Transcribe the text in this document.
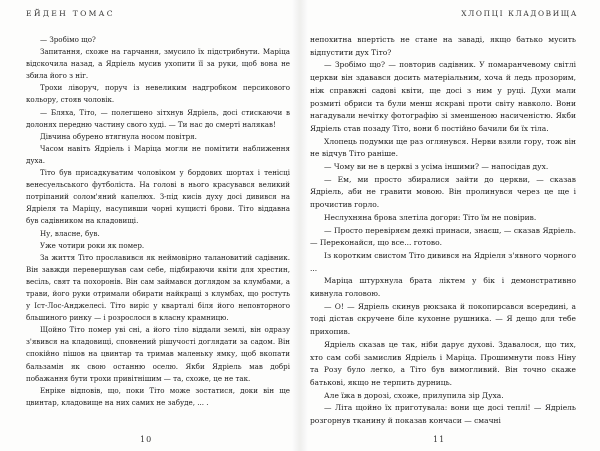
ЕЙДЕН ТОМАС

— Зробімо що?

Запитання, схоже на гарчання, змусило їх підстрибнути. Маріца відскочила назад, а Ядріель мусив ухопити її за руки, щоб вона не збила його з ніг.

Трохи ліворуч, поруч із невеликим надгробком персикового кольору, стояв чоловік.

— Бляха, Тіто, — полегшено зітхнув Ядріель, досі стискаючи в долонях передню частину свого худі. — Ти нас до смерті налякав!

Дівчина обурено втягнула носом повітря.

Часом навіть Ядріель і Маріца могли не помітити наближення духа.

Тіто був присадкуватим чоловіком у бордових шортах і тенісці венесуельського футболіста. На голові в нього красувався великий потріпаний солом'яний капелюх. З-під кисів духу досі дивився на Ядріеля та Маріцу, насупивши чорні кущисті брови. Тіто віддавна був садівником на кладовищі.

Ну, власне, був.

Уже чотири роки як помер.

За життя Тіто прославився як неймовірно талановитий садівник. Він завжди перевершував сам себе, підбираючи квіти для хрестин, весіль, свят та похоронів. Він сам займався доглядом за клумбами, а трави, його руки отримали обирати найкращі з клумбах, що ростуть у Іст-Лос-Анджелесі. Тіто виріс у кварталі біля його неповторного бльшиного ринку — і розрослося в класну крамницю.

Щойно Тіто помер уві сні, а його тіло віддали землі, він одразу з'явився на кладовищі, сповнений рішучості доглядати за садом. Він спокійно пішов на цвинтар та тримав маленьку ямку, щоб вкопати бальзамін як свою останню оселю. Якби Ядріель мав добрі побажання бути трохи привітнішим — та, схоже, це не так.

Енріке відповів, що, поки Тіто може зостатися, доки він ще цвинтар, кладовище на них самих не забуде, ... .

10
ХЛОПЦІ КЛАДОВИЩА

непохитна впертість не стане на заваді, якщо батько мусить відпустити дух Тіто?

— Зробімо що? — повторив садівник. У помаранчевому світлі церкви він здавався досить матеріальним, хоча й ледь прозорим, ніж справжні садові квіти, ще досі з ним у руці. Духи мали розмиті обриси та були менш яскраві проти світу навколо. Вони нагадували нечітку фотографію зі зменшеною насиченістю. Якби Ядріель став позаду Тіто, вони б постійно бачили би їх тіла.

Хлопець подумки ще раз оглянувся. Нерви взяли гору, тож він не відчув Тіто раніше.

— Чому ви не в церкві з усіма іншими? — напосідав дух.

— Ем, ми просто збиралися зайти до церкви, — сказав Ядріель, аби не гравити мовою. Він пролинувся через це ще і прочистив горло.

Неслухняна брова злетіла догори: Тіто їм не повірив.

— Просто перевіряєм деякі принаси, знаєш, — сказав Ядріель. — Переконайся, що все... готово.

Із коротким свистом Тіто дивився на Ядріеля з'явного чорного ...

Маріца штурхнула брата ліктем у бік і демонстративно кивнула головою.

— О! — Ядріель скинув рюкзака й покопирсався всередині, а тоді дістав скручене біле кухонне рушника. — Я дещо для тебе прихопив.

Ядріель сказав це так, ніби дарує духові. Здавалося, що тих, хто сам собі замислив Ядріель і Маріца. Прошимнути повз Ніну та Розу було легко, а Тіто був вимогливий. Він точно скаже батькові, якщо не терпить дурниць.

Але їжа в дорозі, схоже, прилупила зір Духа.

— Літа щойно їх приготувала: вони ще досі теплі! — Ядріель розгорнув тканину й показав кончаси — смачні

11
